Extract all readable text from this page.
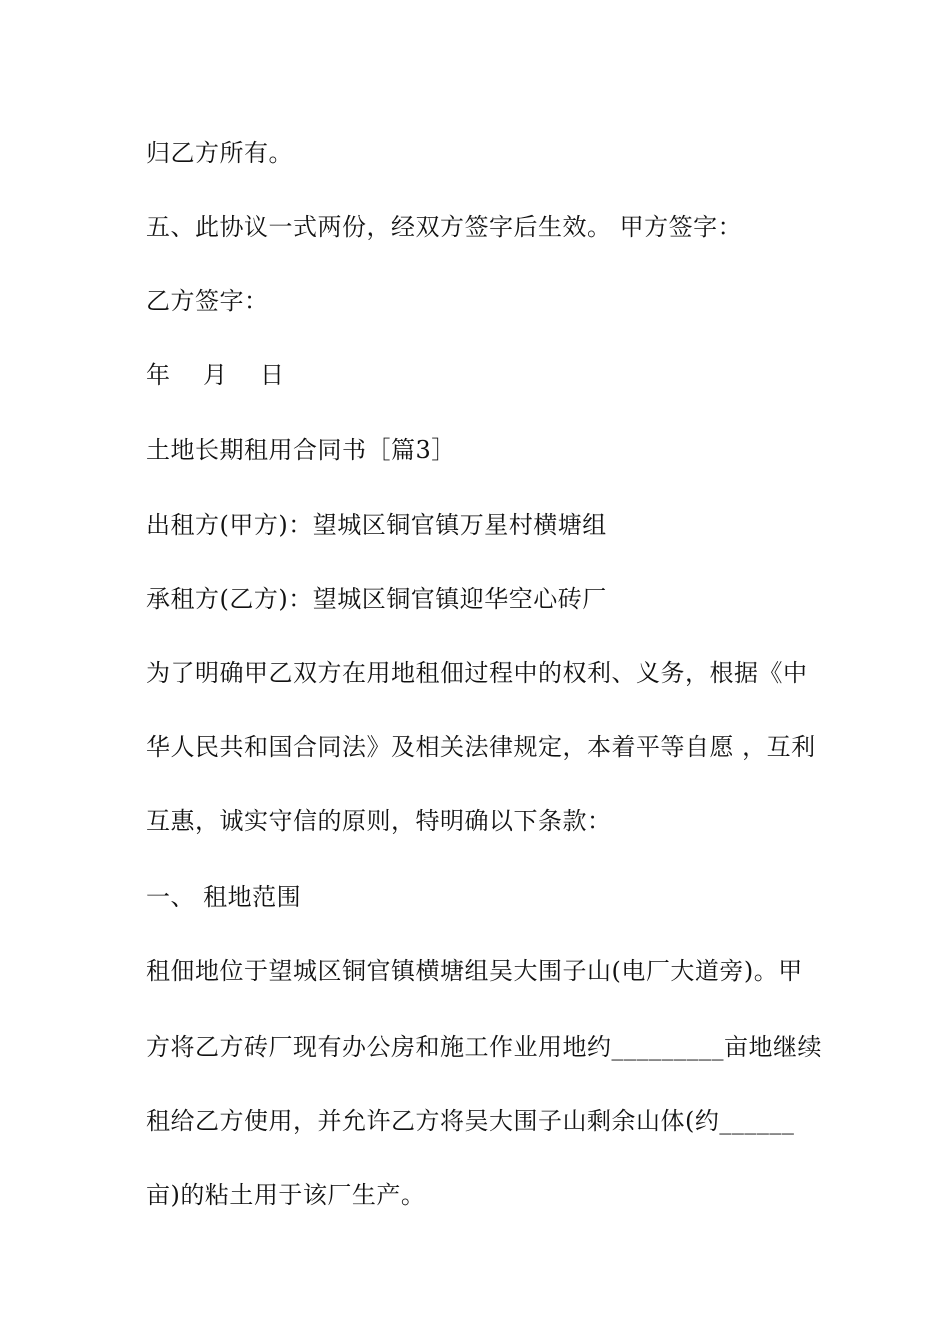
归乙方所有。
五、此协议一式两份，经双方签字后生效。 甲方签字：
乙方签字：
年    月    日
土地长期租用合同书［篇3］
出租方(甲方)：望城区铜官镇万星村横塘组
承租方(乙方)：望城区铜官镇迎华空心砖厂
为了明确甲乙双方在用地租佃过程中的权利、义务，根据《中
华人民共和国合同法》及相关法律规定，本着平等自愿 ，互利
互惠，诚实守信的原则，特明确以下条款：
一、 租地范围
租佃地位于望城区铜官镇横塘组吴大围子山(电厂大道旁)。甲
方将乙方砖厂现有办公房和施工作业用地约_________亩地继续
租给乙方使用，并允许乙方将吴大围子山剩余山体(约______
亩)的粘土用于该厂生产。
